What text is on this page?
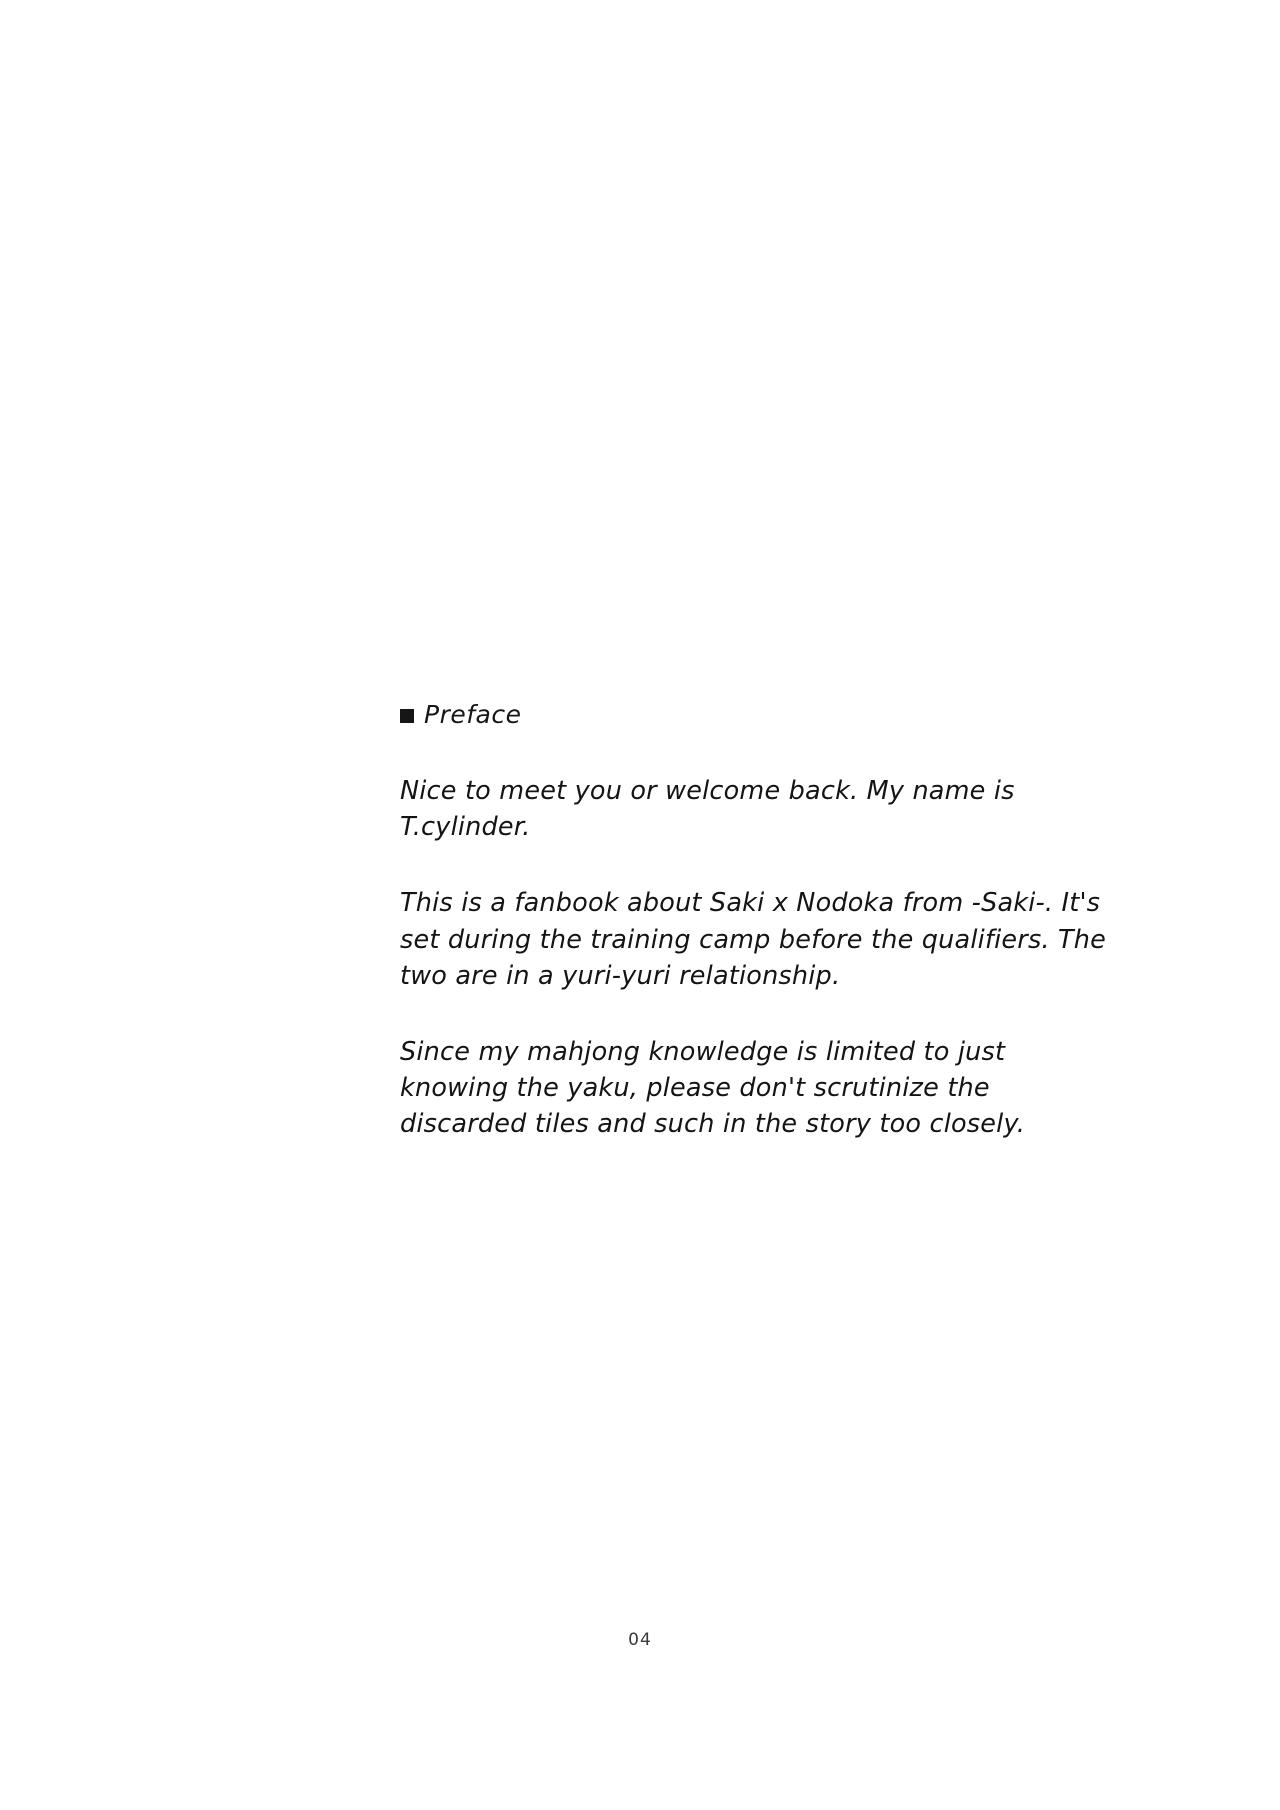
Preface

Nice to meet you or welcome back. My name is T.cylinder.

This is a fanbook about Saki x Nodoka from -Saki-. It's set during the training camp before the qualifiers. The two are in a yuri-yuri relationship.

Since my mahjong knowledge is limited to just knowing the yaku, please don't scrutinize the discarded tiles and such in the story too closely.

04
